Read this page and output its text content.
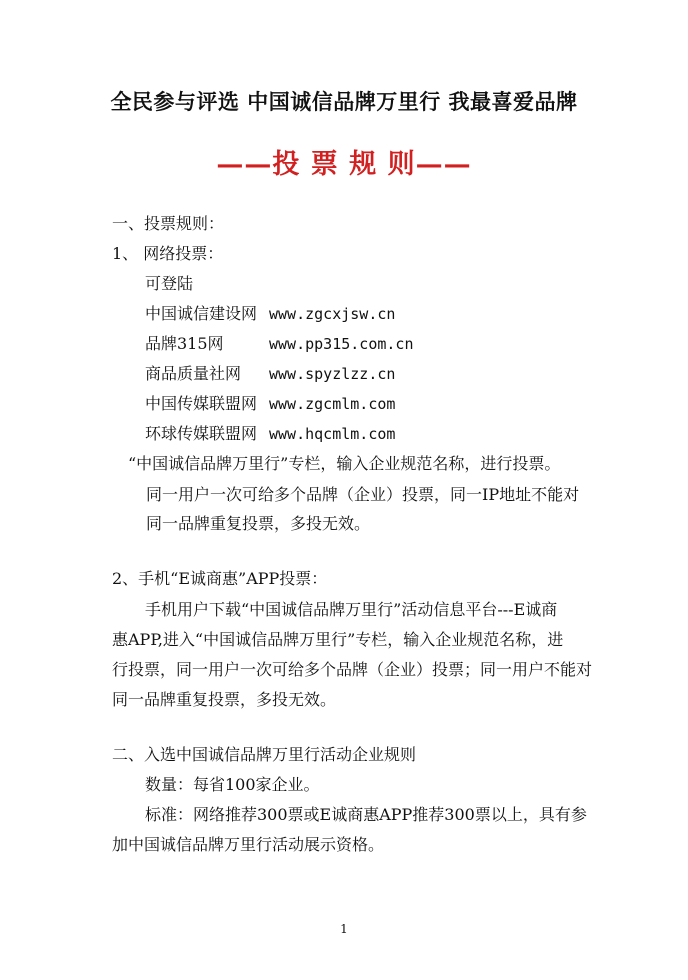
全民参与评选 中国诚信品牌万里行 我最喜爱品牌
——投 票 规 则——
一、投票规则：
1、 网络投票：
可登陆
中国诚信建设网 www.zgcxjsw.cn
品牌315网	www.pp315.com.cn
商品质量社网 www.spyzlzz.cn
中国传媒联盟网 www.zgcmlm.com
环球传媒联盟网 www.hqcmlm.com
“中国诚信品牌万里行”专栏，输入企业规范名称，进行投票。
同一用户一次可给多个品牌（企业）投票，同一IP地址不能对
同一品牌重复投票，多投无效。
2、手机“E诚商惠”APP投票：
手机用户下载“中国诚信品牌万里行”活动信息平台---E诚商
惠APP,进入“中国诚信品牌万里行”专栏，输入企业规范名称，进
行投票，同一用户一次可给多个品牌（企业）投票；同一用户不能对
同一品牌重复投票，多投无效。
二、入选中国诚信品牌万里行活动企业规则
数量：每省100家企业。
标准：网络推荐300票或E诚商惠APP推荐300票以上，具有参
加中国诚信品牌万里行活动展示资格。
1
